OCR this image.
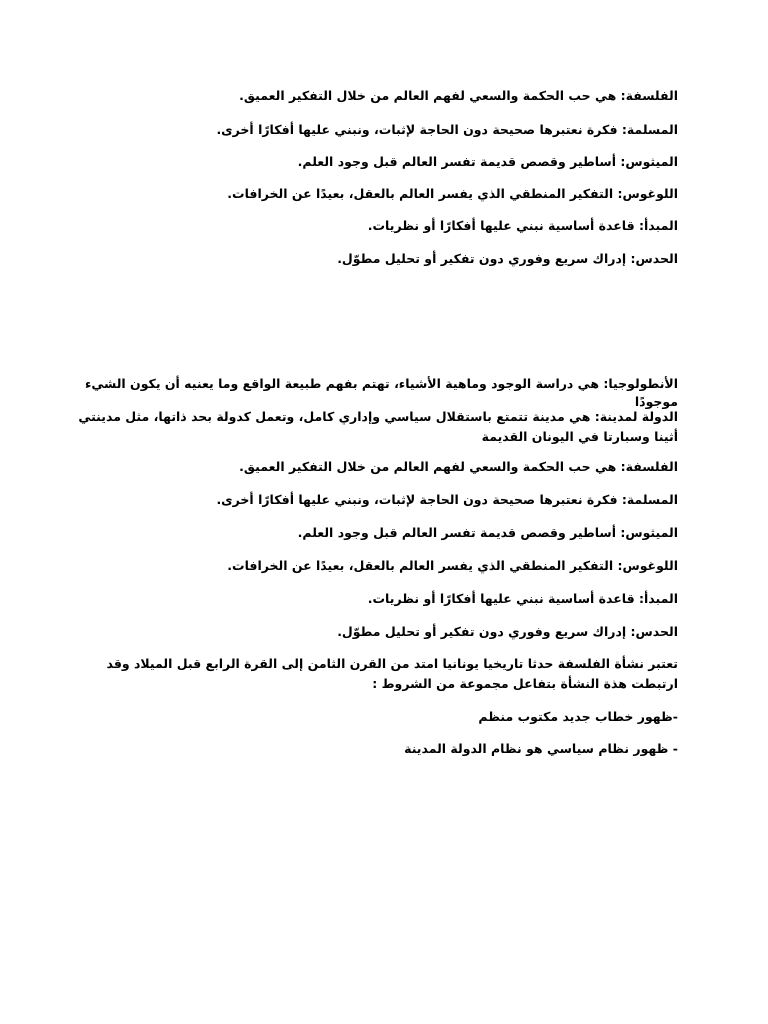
الفلسفة: هي حب الحكمة والسعي لفهم العالم من خلال التفكير العميق.
المسلمة: فكرة نعتبرها صحيحة دون الحاجة لإثبات، ونبني عليها أفكارًا أخرى.
الميثوس: أساطير وقصص قديمة تفسر العالم قبل وجود العلم.
اللوغوس: التفكير المنطقي الذي يفسر العالم بالعقل، بعيدًا عن الخرافات.
المبدأ: قاعدة أساسية نبني عليها أفكارًا أو نظريات.
الحدس: إدراك سريع وفوري دون تفكير أو تحليل مطوّل.
الأنطولوجيا: هي دراسة الوجود وماهية الأشياء، تهتم بفهم طبيعة الواقع وما يعنيه أن يكون الشيء موجودًا
الدولة لمدينة: هي مدينة تتمتع باستقلال سياسي وإداري كامل، وتعمل كدولة بحد ذاتها، مثل مدينتي أثينا وسبارتا في اليونان القديمة
الفلسفة: هي حب الحكمة والسعي لفهم العالم من خلال التفكير العميق.
المسلمة: فكرة نعتبرها صحيحة دون الحاجة لإثبات، ونبني عليها أفكارًا أخرى.
الميثوس: أساطير وقصص قديمة تفسر العالم قبل وجود العلم.
اللوغوس: التفكير المنطقي الذي يفسر العالم بالعقل، بعيدًا عن الخرافات.
المبدأ: قاعدة أساسية نبني عليها أفكارًا أو نظريات.
الحدس: إدراك سريع وفوري دون تفكير أو تحليل مطوّل.
تعتبر نشأة الفلسفة حدثا تاريخيا يونانيا امتد من القرن الثامن إلى القرة الرابع قبل الميلاد وقد ارتبطت هذة النشأة بتفاعل مجموعة من الشروط :
-ظهور خطاب جديد مكتوب منظم
- ظهور نظام سياسي هو نظام الدولة المدينة
